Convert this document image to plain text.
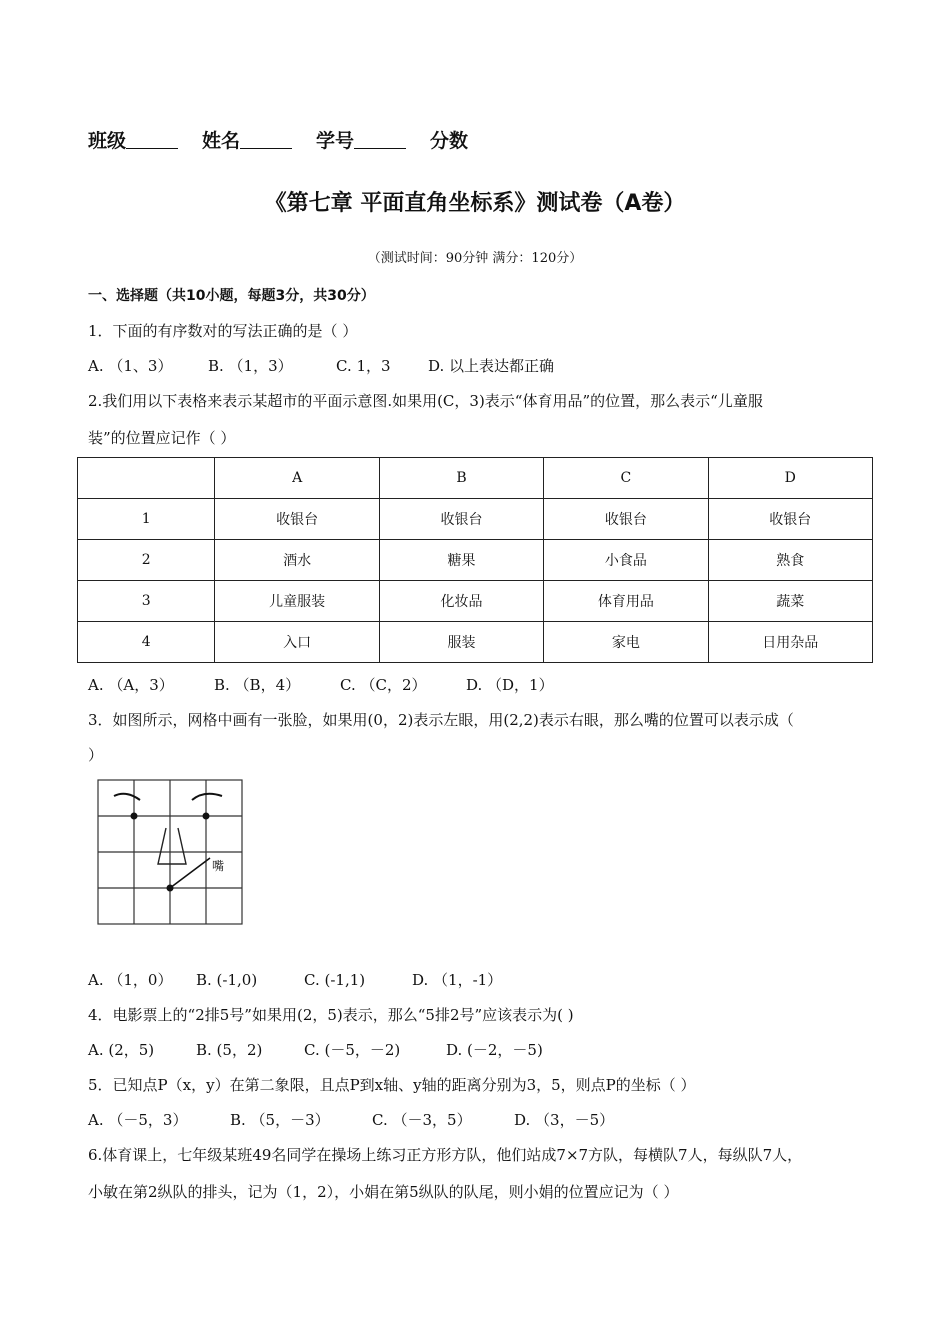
班级	姓名	学号	分数
《第七章 平面直角坐标系》测试卷（A卷）
（测试时间：90分钟 满分：120分）
一、选择题（共10小题，每题3分，共30分）
1．下面的有序数对的写法正确的是（ ）
A. （1、3） B. （1，3）	C. 1，3 D. 以上表达都正确
2.我们用以下表格来表示某超市的平面示意图.如果用(C，3)表示“体育用品”的位置，那么表示“儿童服
装”的位置应记作（ ）
	A	B	C	D
1	收银台	收银台	收银台	收银台
2	酒水	糖果	小食品	熟食
3	儿童服装	化妆品	体育用品	蔬菜
4	入口	服装	家电	日用杂品
A. （A，3）	B. （B，4）	C. （C，2）	D. （D，1）
3．如图所示，网格中画有一张脸，如果用(0，2)表示左眼，用(2,2)表示右眼，那么嘴的位置可以表示成（
）
嘴
A. （1，0） B. (-1,0)	C. (-1,1)	D. （1，-1）
4．电影票上的“2排5号”如果用(2，5)表示，那么“5排2号”应该表示为( )
A. (2，5)	B. (5，2)	C. (－5，－2)	D. (－2，－5)
5．已知点P（x，y）在第二象限，且点P到x轴、y轴的距离分别为3，5，则点P的坐标（ ）
A. （－5，3）	B. （5，－3）	C. （－3，5）	D. （3，－5）
6.体育课上，七年级某班49名同学在操场上练习正方形方队，他们站成7×7方队，每横队7人，每纵队7人，
小敏在第2纵队的排头，记为（1，2），小娟在第5纵队的队尾，则小娟的位置应记为（ ）
